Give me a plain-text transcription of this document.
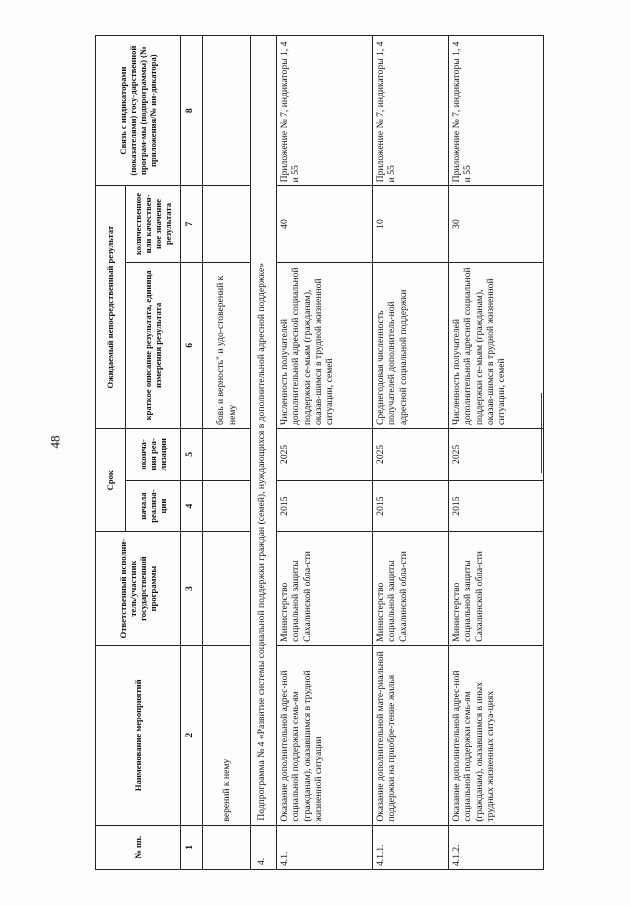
48
№ пп.	Наименование мероприятий	Ответственный исполни-тель/участник государственной программы	Срок		Ожидаемый непосредственный результат		Связь с индикаторами (показателями) госу-дарственной програм-мы (подпрограммы) (№ приложения/№ ин-дикатора)
			начала реализа-ции	оконча-ния реа-лизации	краткое описание результата, единица измерения результата	количественное или качествен-ное значение результата	
1	2	3	4	5	6	7	8
	верений к нему				бовь и верность" и удо-стоверений к нему		
4.	Подпрограмма № 4 «Развитие системы социальной поддержки граждан (семей), нуждающихся в дополнительной адресной поддержке»						
4.1.	Оказание дополнительной адрес-ной социальной поддержки семь-ям (гражданам), оказавшимся в трудной жизненной ситуации	Министерство социальной защиты Сахалинской обла-сти	2015	2025	Численность получателей дополнительной адресной социальной поддержки се-мьям (гражданам), оказав-шимся в трудной жизненной ситуации, семей	40	Приложение № 7, индикаторы 1, 4 и 55
4.1.1.	Оказание дополнительной мате-риальной поддержки на приобре-тение жилья	Министерство социальной защиты Сахалинской обла-сти	2015	2025	Среднегодовая численность получателей дополнитель-ной адресной социальной поддержки	10	Приложение № 7, индикаторы 1, 4 и 55
4.1.2.	Оказание дополнительной адрес-ной социальной поддержки семь-ям (гражданам), оказавшимся в иных трудных жизненных ситуа-циях	Министерство социальной защиты Сахалинской обла-сти	2015	2025	Численность получателей дополнительной адресной социальной поддержки се-мьям (гражданам), оказав-шимся в трудной жизненной ситуации, семей	30	Приложение № 7, индикаторы 1, 4 и 55
